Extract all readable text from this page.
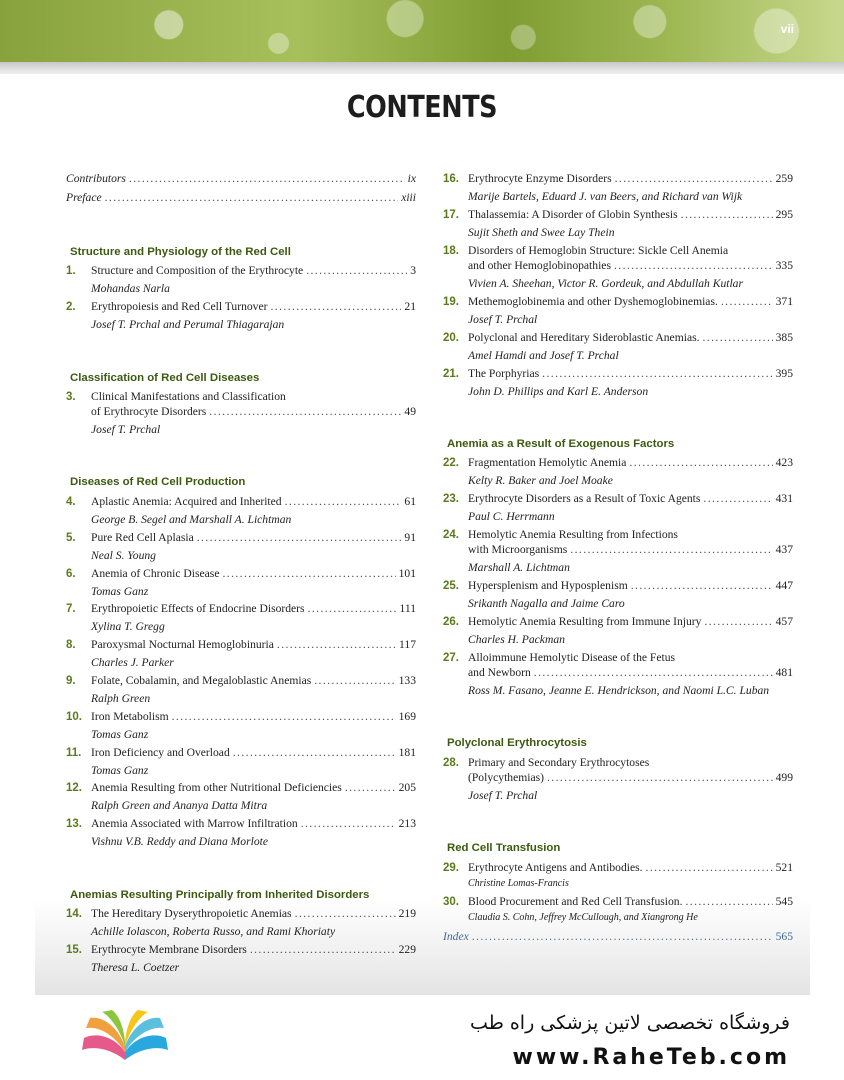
vii
CONTENTS
Contributors .....	ix
Preface .....	xiii
Structure and Physiology of the Red Cell
1.	Structure and Composition of the Erythrocyte .....	3
Mohandas Narla
2.	Erythropoiesis and Red Cell Turnover .....	21
Josef T. Prchal and Perumal Thiagarajan
Classification of Red Cell Diseases
3.	Clinical Manifestations and Classification
of Erythrocyte Disorders .....	49
Josef T. Prchal
Diseases of Red Cell Production
4.	Aplastic Anemia: Acquired and Inherited .....	61
George B. Segel and Marshall A. Lichtman
5.	Pure Red Cell Aplasia .....	91
Neal S. Young
6.	Anemia of Chronic Disease .....	101
Tomas Ganz
7.	Erythropoietic Effects of Endocrine Disorders .....	111
Xylina T. Gregg
8.	Paroxysmal Nocturnal Hemoglobinuria .....	117
Charles J. Parker
9.	Folate, Cobalamin, and Megaloblastic Anemias .....	133
Ralph Green
10. Iron Metabolism .....	169
Tomas Ganz
11. Iron Deficiency and Overload .....	181
Tomas Ganz
12. Anemia Resulting from other Nutritional Deficiencies .....	205
Ralph Green and Ananya Datta Mitra
13. Anemia Associated with Marrow Infiltration .....	213
Vishnu V.B. Reddy and Diana Morlote
Anemias Resulting Principally from Inherited Disorders
14. The Hereditary Dyserythropoietic Anemias .....	219
Achille Iolascon, Roberta Russo, and Rami Khoriaty
15. Erythrocyte Membrane Disorders .....	229
Theresa L. Coetzer
16. Erythrocyte Enzyme Disorders .....	259
Marije Bartels, Eduard J. van Beers, and Richard van Wijk
17. Thalassemia: A Disorder of Globin Synthesis .....	295
Sujit Sheth and Swee Lay Thein
18. Disorders of Hemoglobin Structure: Sickle Cell Anemia
and other Hemoglobinopathies .....	335
Vivien A. Sheehan, Victor R. Gordeuk, and Abdullah Kutlar
19. Methemoglobinemia and other Dyshemoglobinemias. .....	371
Josef T. Prchal
20. Polyclonal and Hereditary Sideroblastic Anemias. .....	385
Amel Hamdi and Josef T. Prchal
21. The Porphyrias .....	395
John D. Phillips and Karl E. Anderson
Anemia as a Result of Exogenous Factors
22. Fragmentation Hemolytic Anemia .....	423
Kelty R. Baker and Joel Moake
23. Erythrocyte Disorders as a Result of Toxic Agents .....	431
Paul C. Herrmann
24. Hemolytic Anemia Resulting from Infections
with Microorganisms .....	437
Marshall A. Lichtman
25. Hypersplenism and Hyposplenism .....	447
Srikanth Nagalla and Jaime Caro
26. Hemolytic Anemia Resulting from Immune Injury .....	457
Charles H. Packman
27. Alloimmune Hemolytic Disease of the Fetus
and Newborn .....	481
Ross M. Fasano, Jeanne E. Hendrickson, and Naomi L.C. Luban
Polyclonal Erythrocytosis
28. Primary and Secondary Erythrocytoses
(Polycythemias) .....	499
Josef T. Prchal
Red Cell Transfusion
29. Erythrocyte Antigens and Antibodies. .....	521
Christine Lomas-Francis
30. Blood Procurement and Red Cell Transfusion. .....	545
Claudia S. Cohn, Jeffrey McCullough, and Xiangrong He
Index .....	565
فروشگاه تخصصی لاتین پزشکی راه طب
www.RaheTeb.com
